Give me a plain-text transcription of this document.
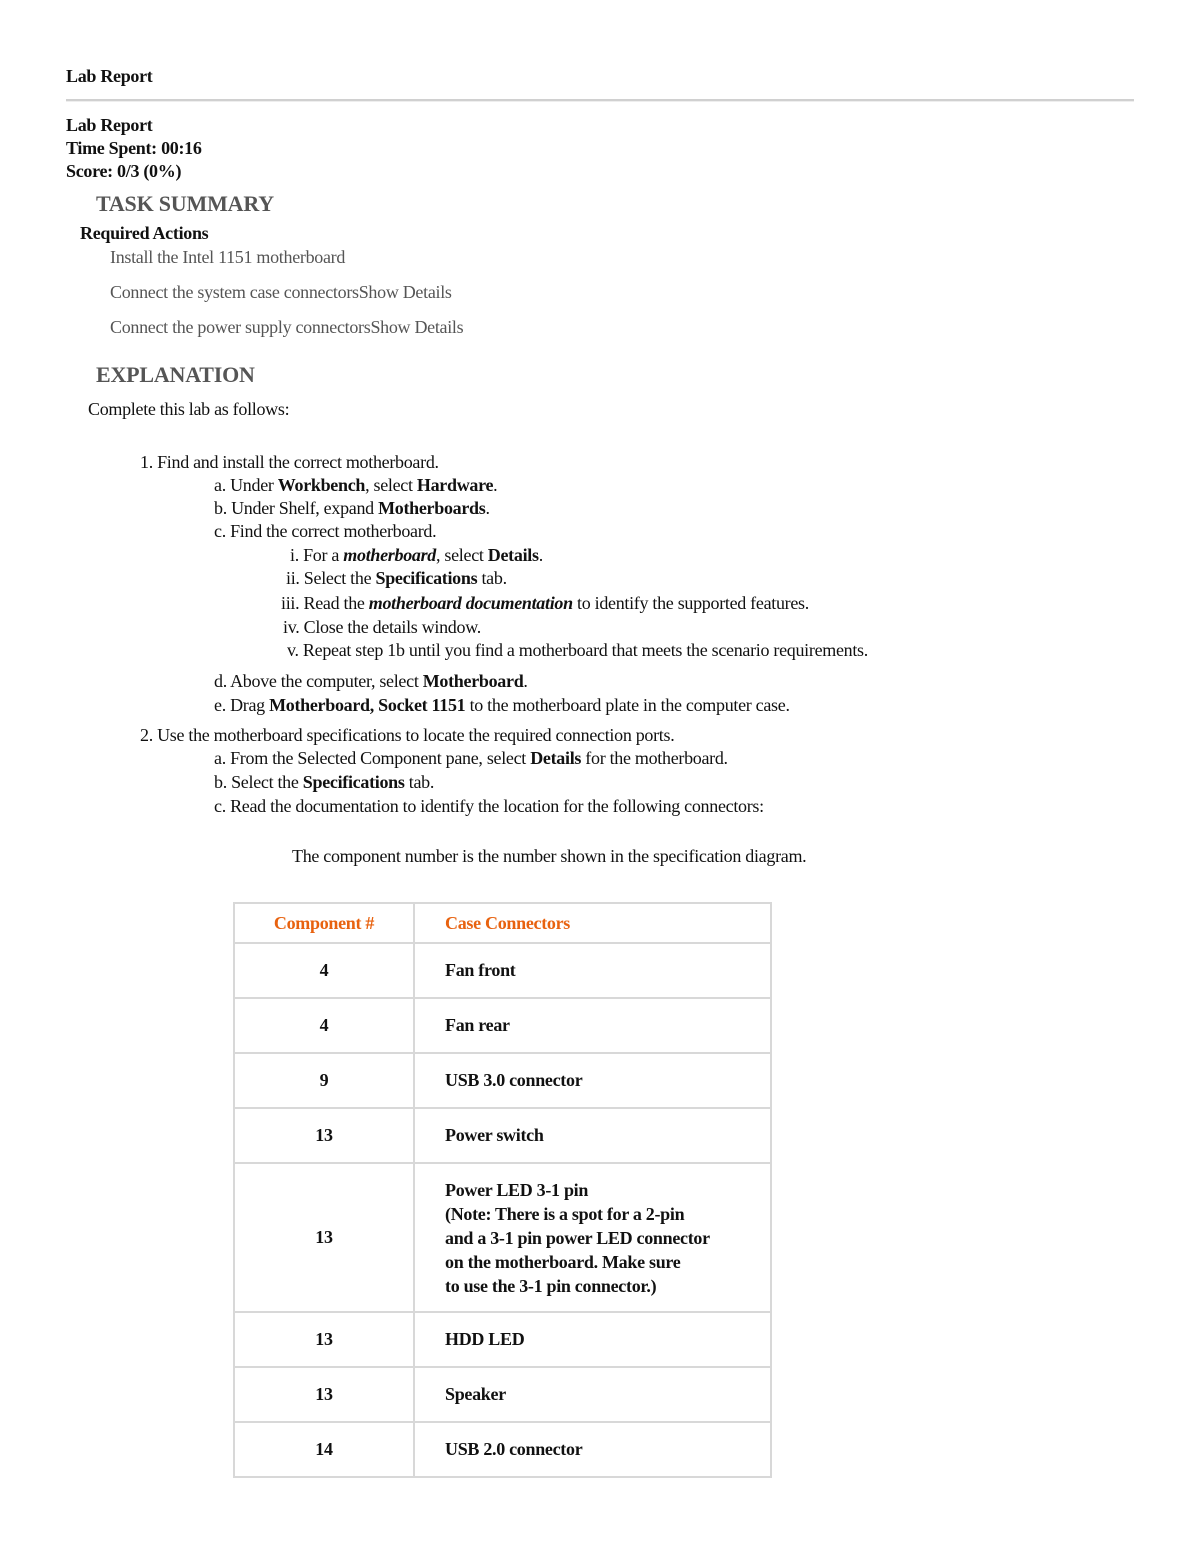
Lab Report
Lab Report
Time Spent: 00:16
Score: 0/3 (0%)
TASK SUMMARY
Required Actions
Install the Intel 1151 motherboard
Connect the system case connectorsShow Details
Connect the power supply connectorsShow Details
EXPLANATION
Complete this lab as follows:
1. Find and install the correct motherboard.
a. Under Workbench, select Hardware.
b. Under Shelf, expand Motherboards.
c. Find the correct motherboard.
i. For a motherboard, select Details.
ii. Select the Specifications tab.
iii. Read the motherboard documentation to identify the supported features.
iv. Close the details window.
v. Repeat step 1b until you find a motherboard that meets the scenario requirements.
d. Above the computer, select Motherboard.
e. Drag Motherboard, Socket 1151 to the motherboard plate in the computer case.
2. Use the motherboard specifications to locate the required connection ports.
a. From the Selected Component pane, select Details for the motherboard.
b. Select the Specifications tab.
c. Read the documentation to identify the location for the following connectors:
The component number is the number shown in the specification diagram.
Component #	Case Connectors
4	Fan front
4	Fan rear
9	USB 3.0 connector
13	Power switch
13	Power LED 3-1 pin
(Note: There is a spot for a 2-pin
and a 3-1 pin power LED connector
on the motherboard. Make sure
to use the 3-1 pin connector.)

13	HDD LED
13	Speaker
14	USB 2.0 connector
